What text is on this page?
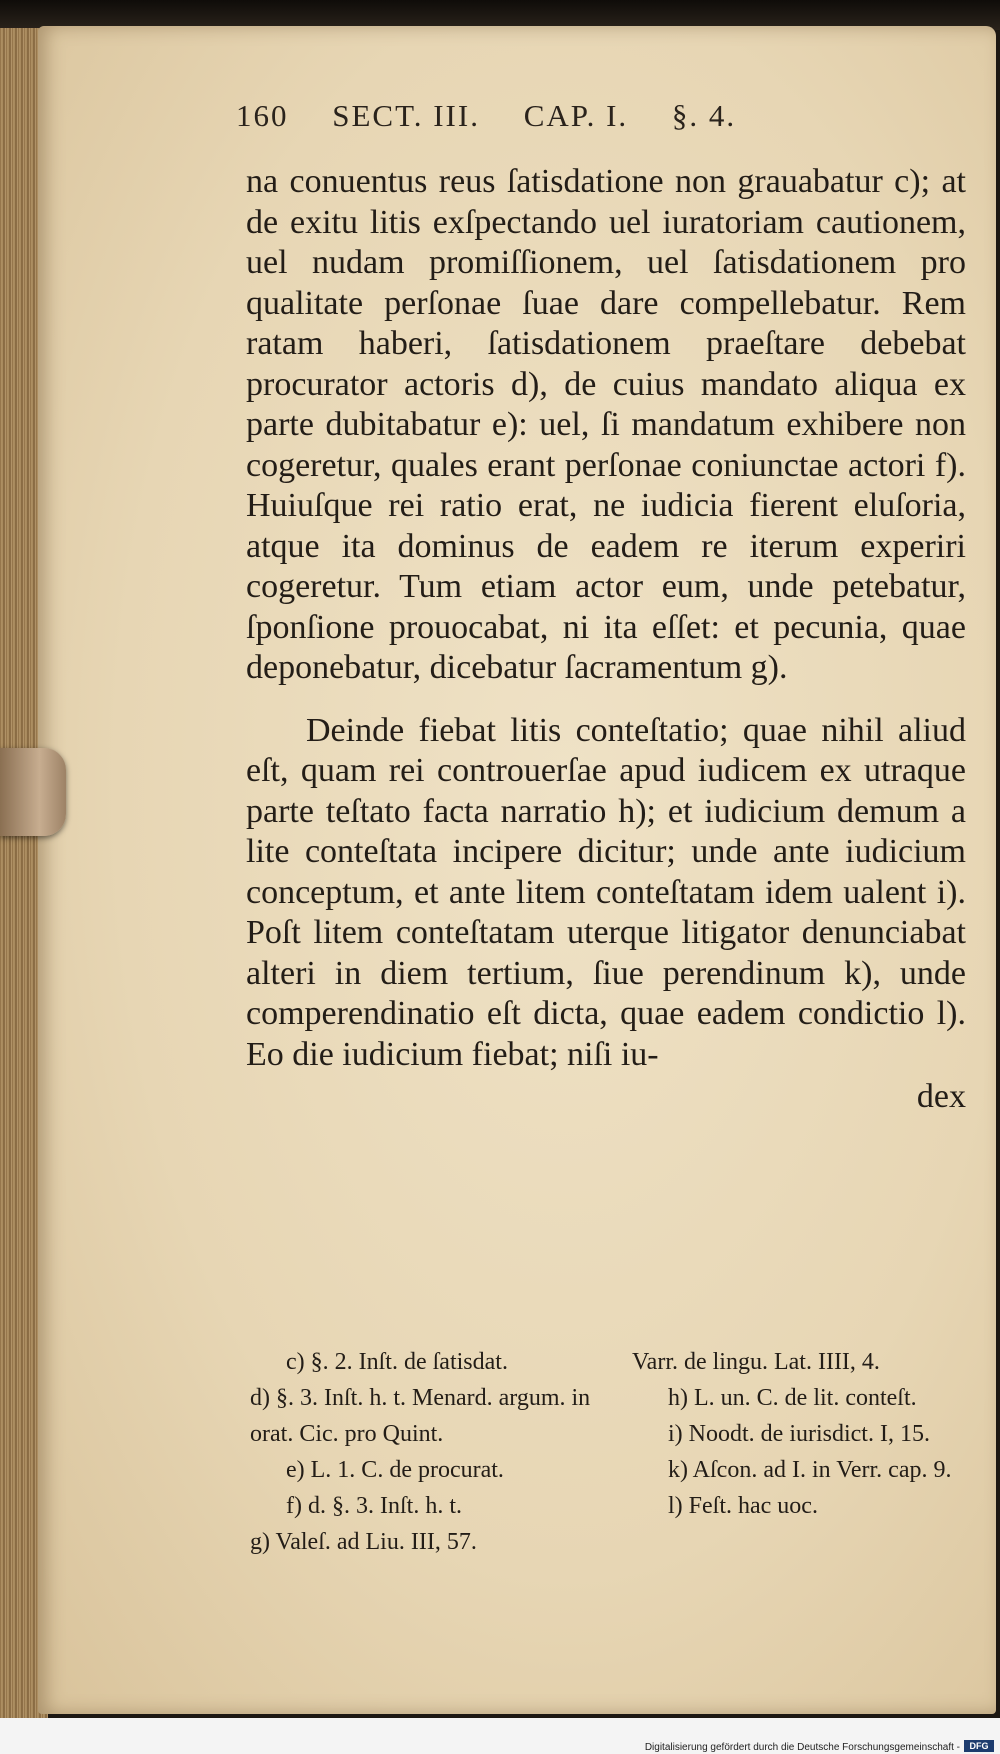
160 SECT. III. CAP. I. §. 4.

na conuentus reus ſatisdatione non grauabatur c); at de exitu litis exſpectando uel iuratoriam cautionem, uel nudam promiſſionem, uel ſatisdationem pro qualitate perſonae ſuae dare compellebatur. Rem ratam haberi, ſatisdationem praeſtare debebat procurator actoris d), de cuius mandato aliqua ex parte dubitabatur e): uel, ſi mandatum exhibere non cogeretur, quales erant perſonae coniunctae actori f). Huiuſque rei ratio erat, ne iudicia fierent eluſoria, atque ita dominus de eadem re iterum experiri cogeretur. Tum etiam actor eum, unde petebatur, ſponſione prouocabat, ni ita eſſet: et pecunia, quae deponebatur, dicebatur ſacramentum g).

Deinde fiebat litis conteſtatio; quae nihil aliud eſt, quam rei controuerſae apud iudicem ex utraque parte teſtato facta narratio h); et iudicium demum a lite conteſtata incipere dicitur; unde ante iudicium conceptum, et ante litem conteſtatam idem ualent i). Poſt litem conteſtatam uterque litigator denunciabat alteri in diem tertium, ſiue perendinum k), unde comperendinatio eſt dicta, quae eadem condictio l). Eo die iudicium fiebat; niſi iu-

dex

c) §. 2. Inſt. de ſatisdat.
d) §. 3. Inſt. h. t. Menard. argum. in orat. Cic. pro Quint.
e) L. 1. C. de procurat.
f) d. §. 3. Inſt. h. t.
g) Valeſ. ad Liu. III, 57.
Varr. de lingu. Lat. IIII, 4.
h) L. un. C. de lit. conteſt.
i) Noodt. de iurisdict. I, 15.
k) Aſcon. ad I. in Verr. cap. 9.
l) Feſt. hac uoc.
Digitalisierung gefördert durch die Deutsche Forschungsgemeinschaft -	DFG
